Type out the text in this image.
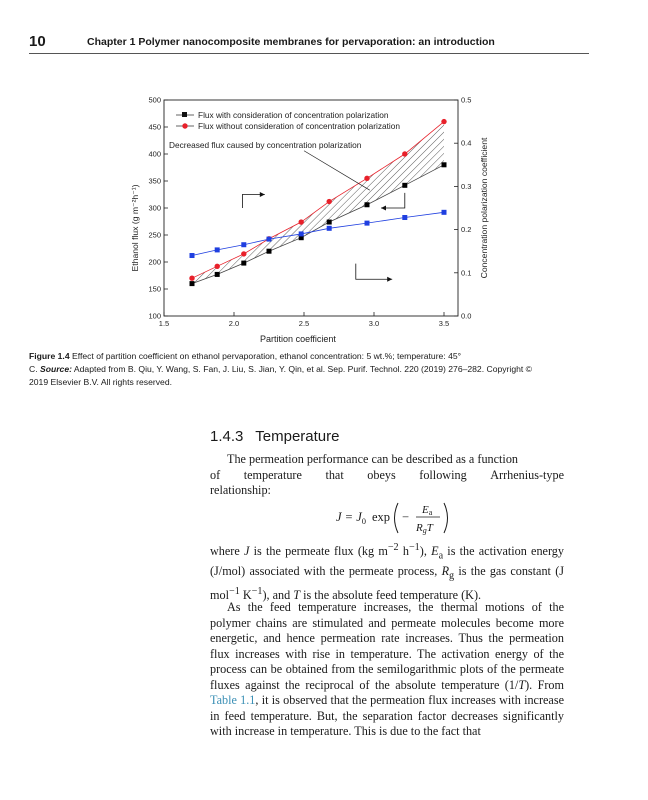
10	Chapter 1 Polymer nanocomposite membranes for pervaporation: an introduction
1.5	2.0	2.5	3.0	3.5
100
150
200
250
300
350
400
450
500
0.0
0.1
0.2
0.3
0.4
0.5
Partition coefficient
Ethanol flux (g m⁻²h⁻¹)	Concentration polarization coefficient
Flux with consideration of concentration polarization
Flux without consideration of concentration polarization
Decreased flux caused by concentration polarization
Figure 1.4 Effect of partition coefficient on ethanol pervaporation, ethanol concentration: 5 wt.%; temperature: 45°
C. Source: Adapted from B. Qiu, Y. Wang, S. Fan, J. Liu, S. Jian, Y. Qin, et al. Sep. Purif. Technol. 220 (2019) 276–282. Copyright ©
2019 Elsevier B.V. All rights reserved.
1.4.3 Temperature
The permeation performance can be described as a function
of temperature that obeys following Arrhenius-type
relationship:
$J = J_0$ exp − Ea
RgT
where J is the permeate flux (kg $m^{-2}$ $h^{-1}$), $E_a$ is the activation energy (J/mol) associated with the permeate process, $R_g$ is the gas constant (J mol$^{-1}$ $K^{-1}$), and T is the absolute feed temperature (K).
As the feed temperature increases, the thermal motions of the polymer chains are stimulated and permeate molecules become more energetic, and hence permeation rate increases. Thus the permeation flux increases with rise in temperature. The activation energy of the process can be obtained from the semilogarithmic plots of the permeate fluxes against the reciprocal of the absolute temperature (1/T). From Table 1.1, it is observed that the permeation flux increases with increase in feed temperature. But, the separation factor decreases significantly with increase in temperature. This is due to the fact that
